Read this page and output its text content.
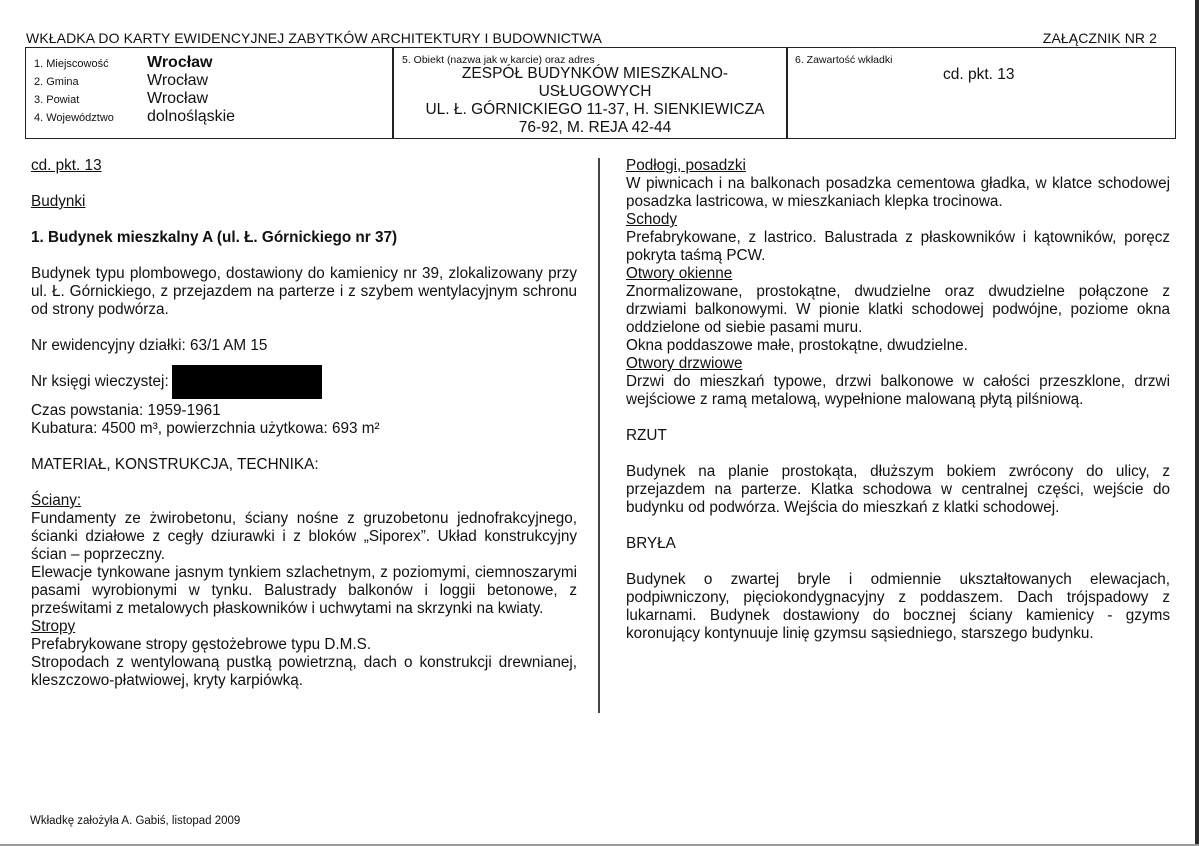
WKŁADKA DO KARTY EWIDENCYJNEJ ZABYTKÓW ARCHITEKTURY I BUDOWNICTWA	ZAŁĄCZNIK NR 2
1. Miejscowość Wrocław
2. Gmina	Wrocław
3. Powiat	Wrocław
4. Województwo dolnośląskie
5. Obiekt (nazwa jak w karcie) oraz adres
ZESPÓŁ BUDYNKÓW MIESZKALNO-
USŁUGOWYCH
UL. Ł. GÓRNICKIEGO 11-37, H. SIENKIEWICZA
76-92, M. REJA 42-44
6. Zawartość wkładki
cd. pkt. 13

cd. pkt. 13

Budynki

1. Budynek mieszkalny A (ul. Ł. Górnickiego nr 37)

Budynek typu plombowego, dostawiony do kamienicy nr 39, zlokalizowany przy ul. Ł. Górnickiego, z przejazdem na parterze i z szybem wentylacyjnym schronu od strony podwórza.

Nr ewidencyjny działki: 63/1 AM 15

Nr księgi wieczystej:

Czas powstania: 1959-1961

Kubatura: 4500 m³, powierzchnia użytkowa: 693 m²

MATERIAŁ, KONSTRUKCJA, TECHNIKA:

Ściany:

Fundamenty ze żwirobetonu, ściany nośne z gruzobetonu jednofrakcyjnego, ścianki działowe z cegły dziurawki i z bloków „Siporex”. Układ konstrukcyjny ścian – poprzeczny.

Elewacje tynkowane jasnym tynkiem szlachetnym, z poziomymi, ciemnoszarymi pasami wyrobionymi w tynku. Balustrady balkonów i loggii betonowe, z prześwitami z metalowych płaskowników i uchwytami na skrzynki na kwiaty.

Stropy

Prefabrykowane stropy gęstożebrowe typu D.M.S.

Stropodach z wentylowaną pustką powietrzną, dach o konstrukcji drewnianej, kleszczowo-płatwiowej, kryty karpiówką.

Podłogi, posadzki

W piwnicach i na balkonach posadzka cementowa gładka, w klatce schodowej posadzka lastricowa, w mieszkaniach klepka trocinowa.

Schody

Prefabrykowane, z lastrico. Balustrada z płaskowników i kątowników, poręcz pokryta taśmą PCW.

Otwory okienne

Znormalizowane, prostokątne, dwudzielne oraz dwudzielne połączone z drzwiami balkonowymi. W pionie klatki schodowej podwójne, poziome okna oddzielone od siebie pasami muru.

Okna poddaszowe małe, prostokątne, dwudzielne.

Otwory drzwiowe

Drzwi do mieszkań typowe, drzwi balkonowe w całości przeszklone, drzwi wejściowe z ramą metalową, wypełnione malowaną płytą pilśniową.

RZUT

Budynek na planie prostokąta, dłuższym bokiem zwrócony do ulicy, z przejazdem na parterze. Klatka schodowa w centralnej części, wejście do budynku od podwórza. Wejścia do mieszkań z klatki schodowej.

BRYŁA

Budynek o zwartej bryle i odmiennie ukształtowanych elewacjach, podpiwniczony, pięciokondygnacyjny z poddaszem. Dach trójspadowy z lukarnami. Budynek dostawiony do bocznej ściany kamienicy - gzyms koronujący kontynuuje linię gzymsu sąsiedniego, starszego budynku.

Wkładkę założyła A. Gabiś, listopad 2009
